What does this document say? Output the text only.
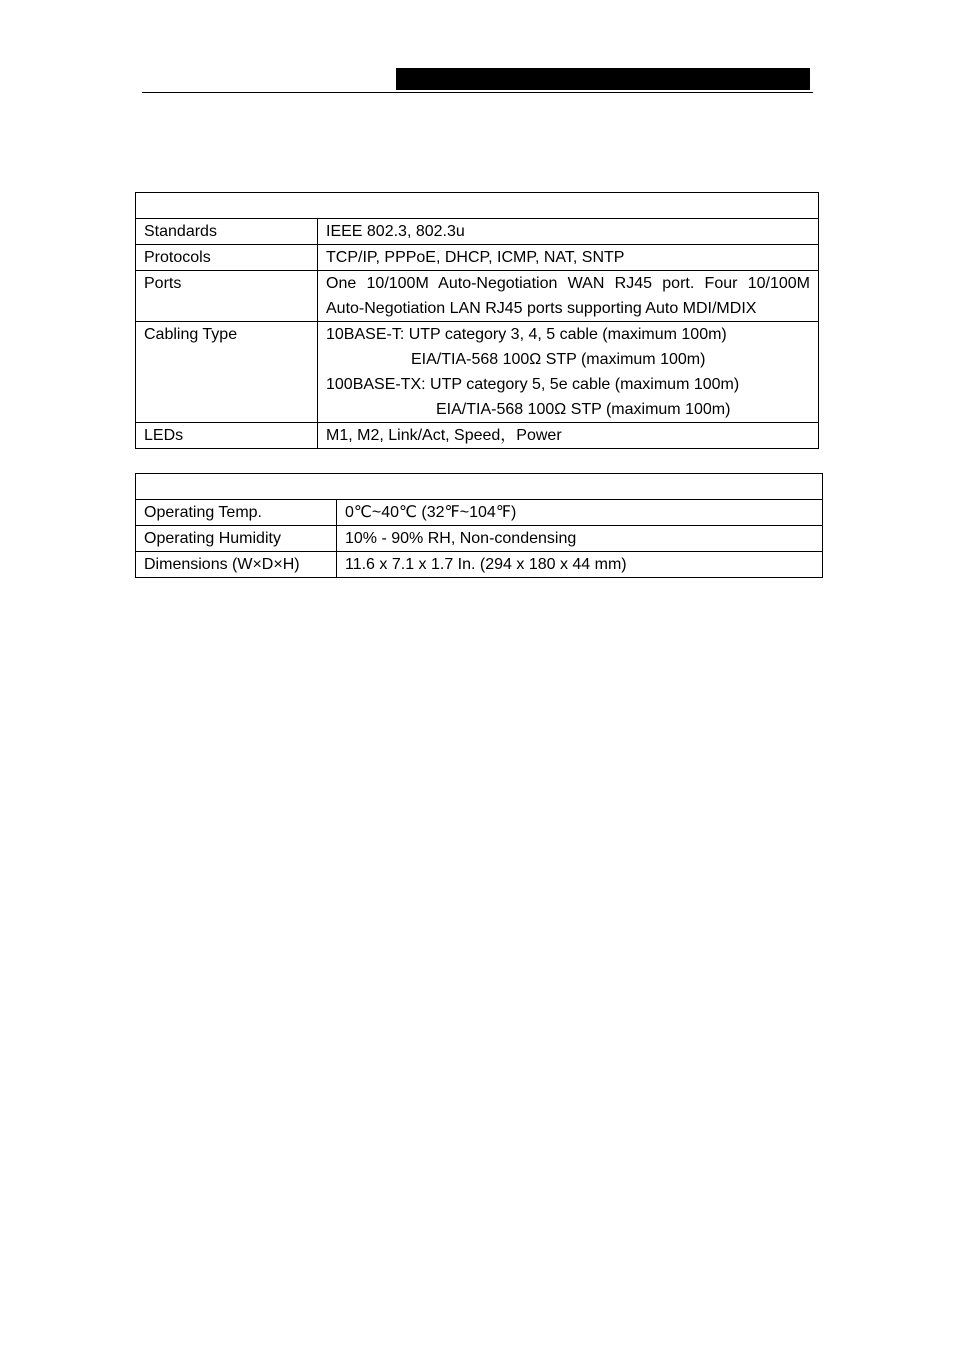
Standards	IEEE 802.3, 802.3u
Protocols	TCP/IP, PPPoE, DHCP, ICMP, NAT, SNTP
Ports	One 10/100M Auto-Negotiation WAN RJ45 port. Four 10/100M Auto-Negotiation LAN RJ45 ports supporting Auto MDI/MDIX
Cabling Type	10BASE-T: UTP category 3, 4, 5 cable (maximum 100m)
EIA/TIA-568 100Ω STP (maximum 100m)
100BASE-TX: UTP category 5, 5e cable (maximum 100m)
EIA/TIA-568 100Ω STP (maximum 100m)

LEDs	M1, M2, Link/Act, Speed，Power

Operating Temp.	0℃~40℃ (32℉~104℉)
Operating Humidity	10% - 90% RH, Non-condensing
Dimensions (W×D×H)	11.6 x 7.1 x 1.7 In. (294 x 180 x 44 mm)
